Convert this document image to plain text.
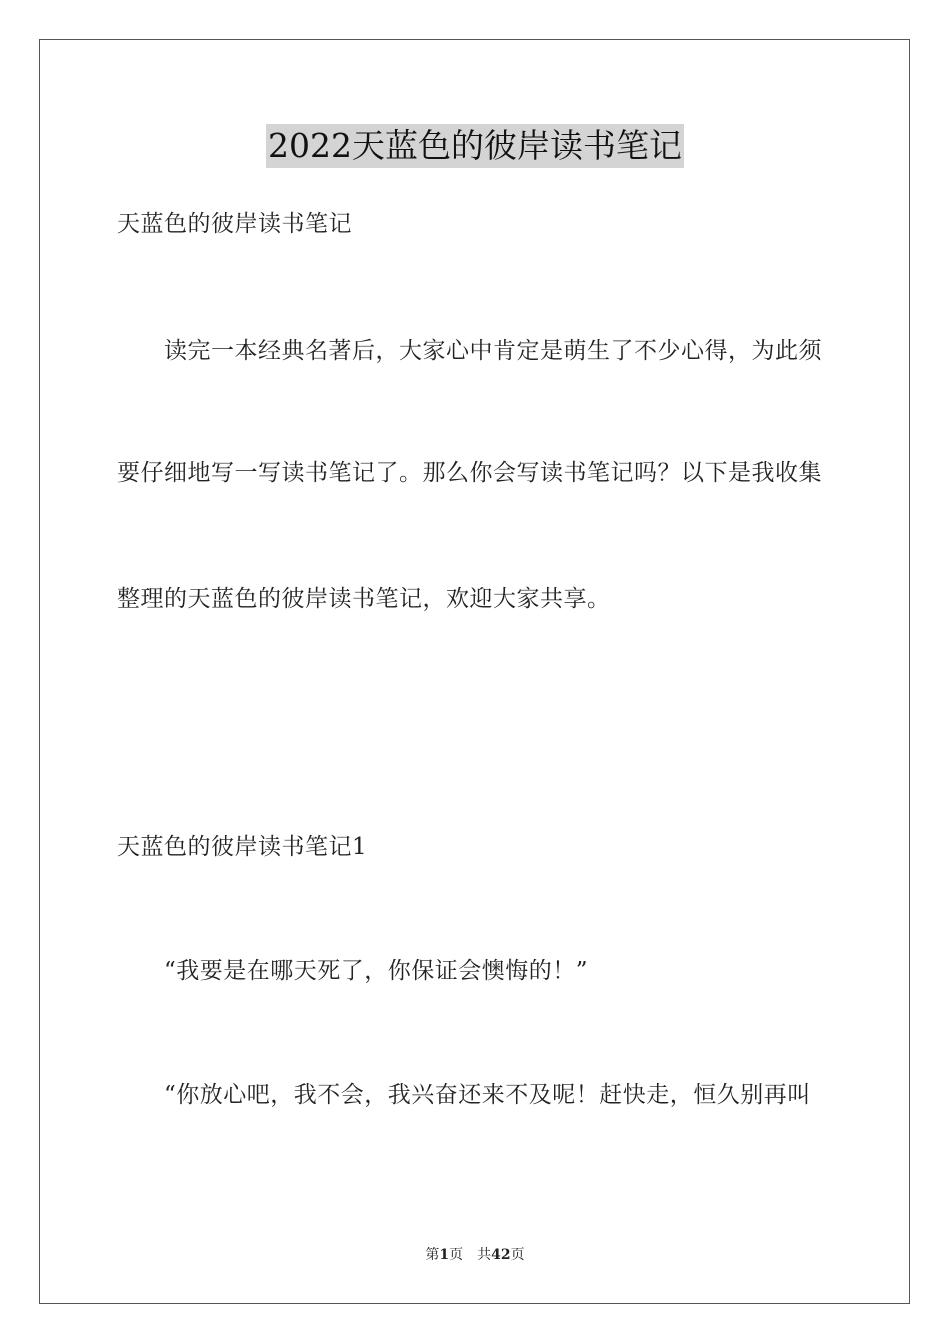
2022天蓝色的彼岸读书笔记
天蓝色的彼岸读书笔记
读完一本经典名著后，大家心中肯定是萌生了不少心得，为此须
要仔细地写一写读书笔记了。那么你会写读书笔记吗？以下是我收集
整理的天蓝色的彼岸读书笔记，欢迎大家共享。
天蓝色的彼岸读书笔记1
“我要是在哪天死了，你保证会懊悔的！”
“你放心吧，我不会，我兴奋还来不及呢！赶快走，恒久别再叫
第1页 共42页
